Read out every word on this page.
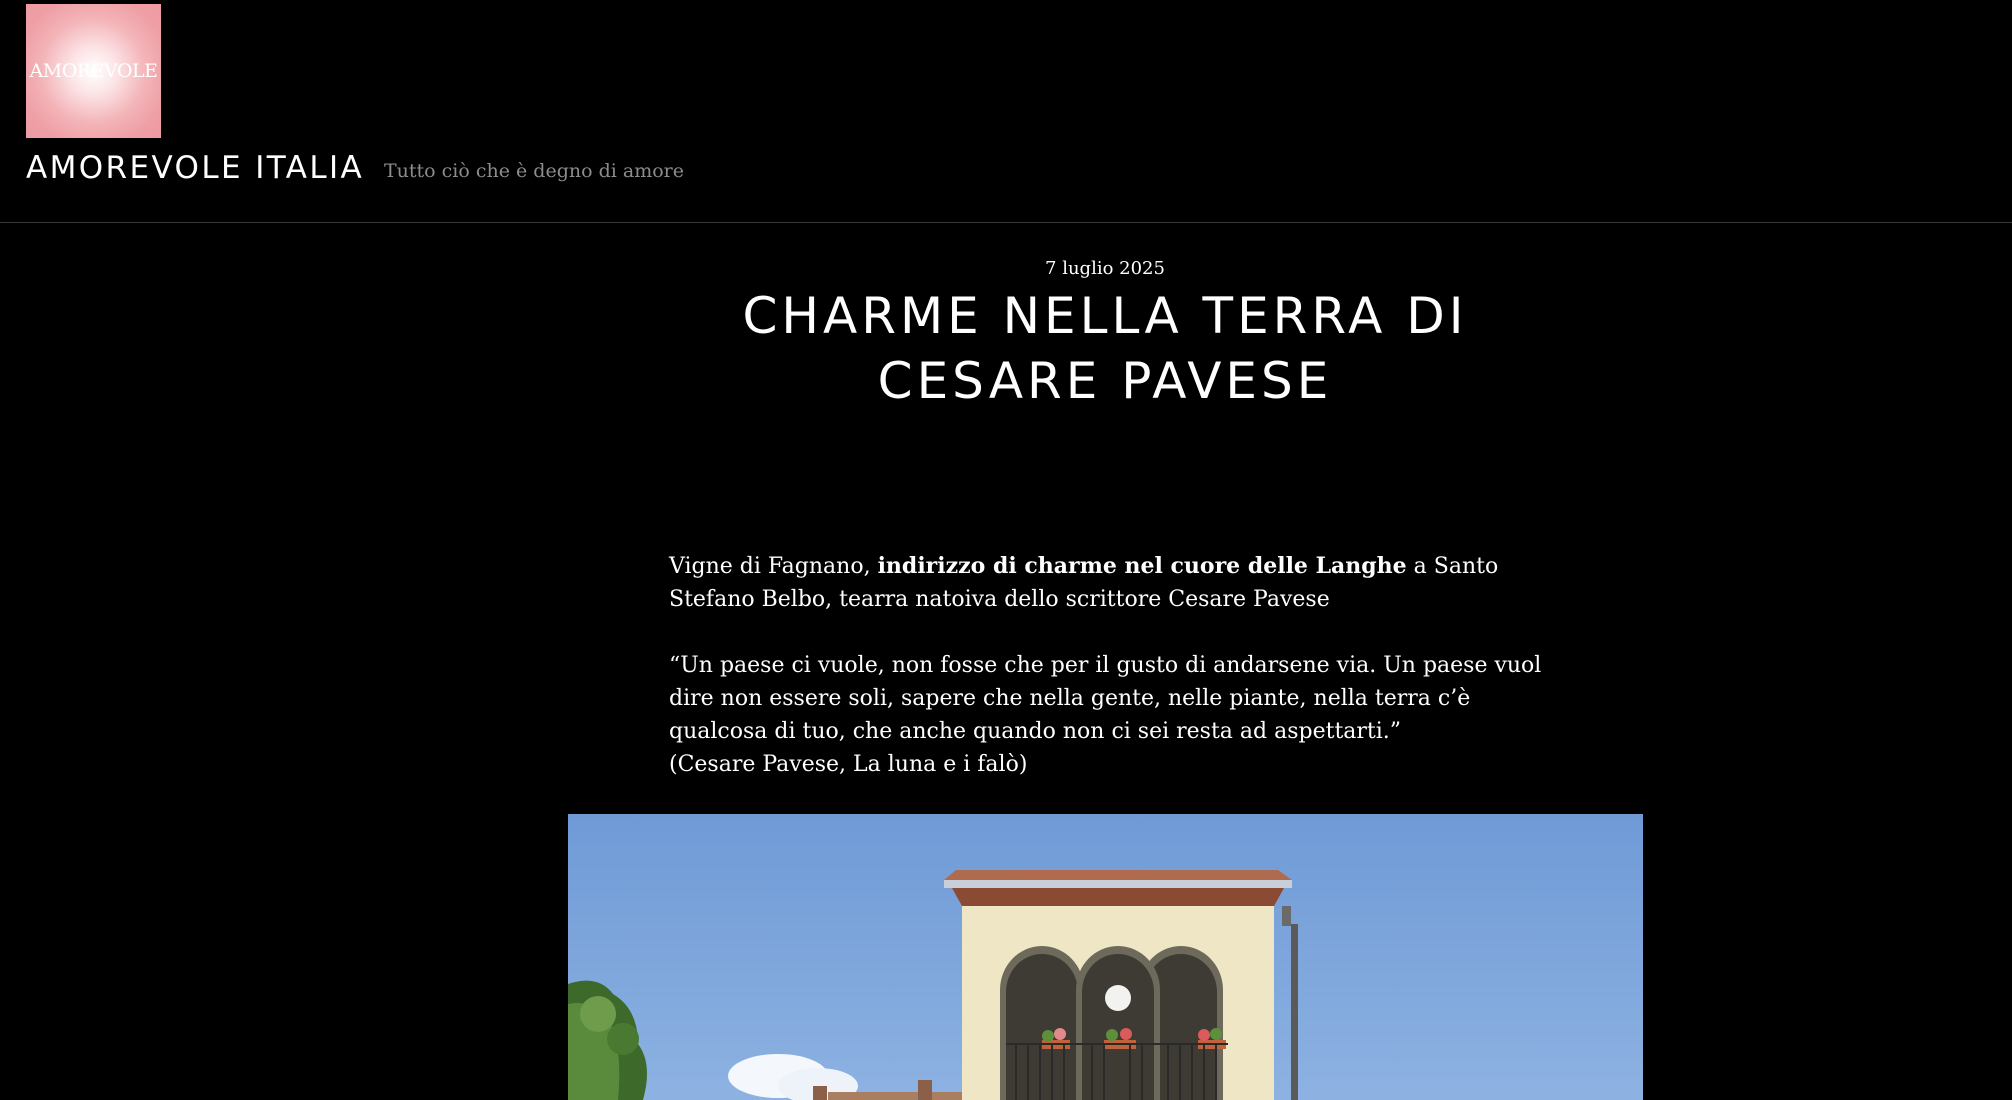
AMOREVOLE
AMOREVOLE ITALIA Tutto ciò che è degno di amore
7 luglio 2025
CHARME NELLA TERRA DI CESARE PAVESE

Vigne di Fagnano, indirizzo di charme nel cuore delle Langhe a Santo Stefano Belbo, tearra natoiva dello scrittore Cesare Pavese

“Un paese ci vuole, non fosse che per il gusto di andarsene via. Un paese vuol dire non essere soli, sapere che nella gente, nelle piante, nella terra c’è qualcosa di tuo, che anche quando non ci sei resta ad aspettarti.”

(Cesare Pavese, La luna e i falò)
